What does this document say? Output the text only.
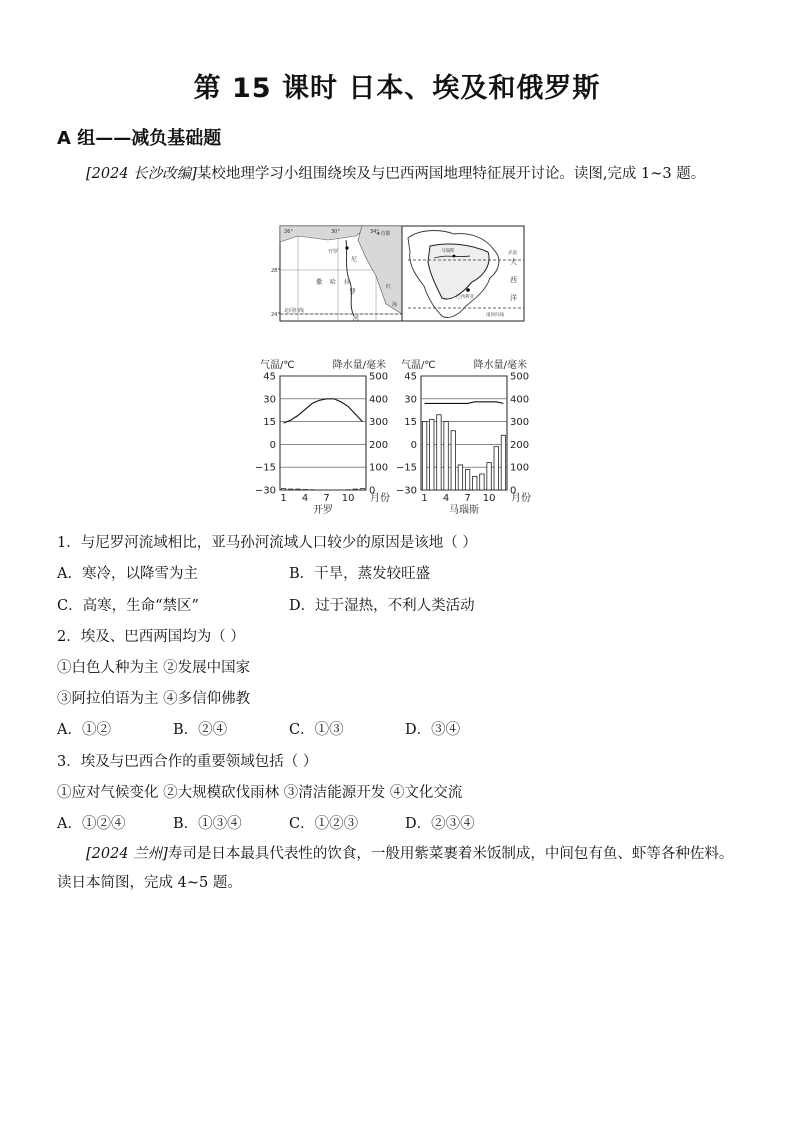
第 15 课时 日本、埃及和俄罗斯
A 组——减负基础题
[2024 长沙改编]某校地理学习小组围绕埃及与巴西两国地理特征展开讨论。读图,完成 1~3 题。
26°	30°	34°
28°
24°
★首都
开罗
尼
罗
河
撒 哈 拉
红
海
北回归线
马瑙斯
巴西利亚
大
西
洋
赤道
南回归线
气温/℃	降水量/毫米
45
30
15
0
−15
−30
500
400
300
200
100
0
1 4 7 10 月份
开罗
气温/℃	降水量/毫米
45
30
15
0
−15
−30
500
400
300
200
100
0
1 4 7 10 月份
马瑙斯
1．与尼罗河流域相比，亚马孙河流域人口较少的原因是该地（ ）
A．寒冷，以降雪为主	B．干旱，蒸发较旺盛
C．高寒，生命“禁区”	D．过于湿热，不利人类活动
2．埃及、巴西两国均为（ ）
①白色人种为主 ②发展中国家
③阿拉伯语为主 ④多信仰佛教
A．①②	B．②④	C．①③	D．③④
3．埃及与巴西合作的重要领域包括（ ）
①应对气候变化 ②大规模砍伐雨林 ③清洁能源开发 ④文化交流
A．①②④	B．①③④	C．①②③	D．②③④
[2024 兰州]寿司是日本最具代表性的饮食，一般用紫菜裹着米饭制成，中间包有鱼、虾等各种佐料。读日本简图，完成 4~5 题。
